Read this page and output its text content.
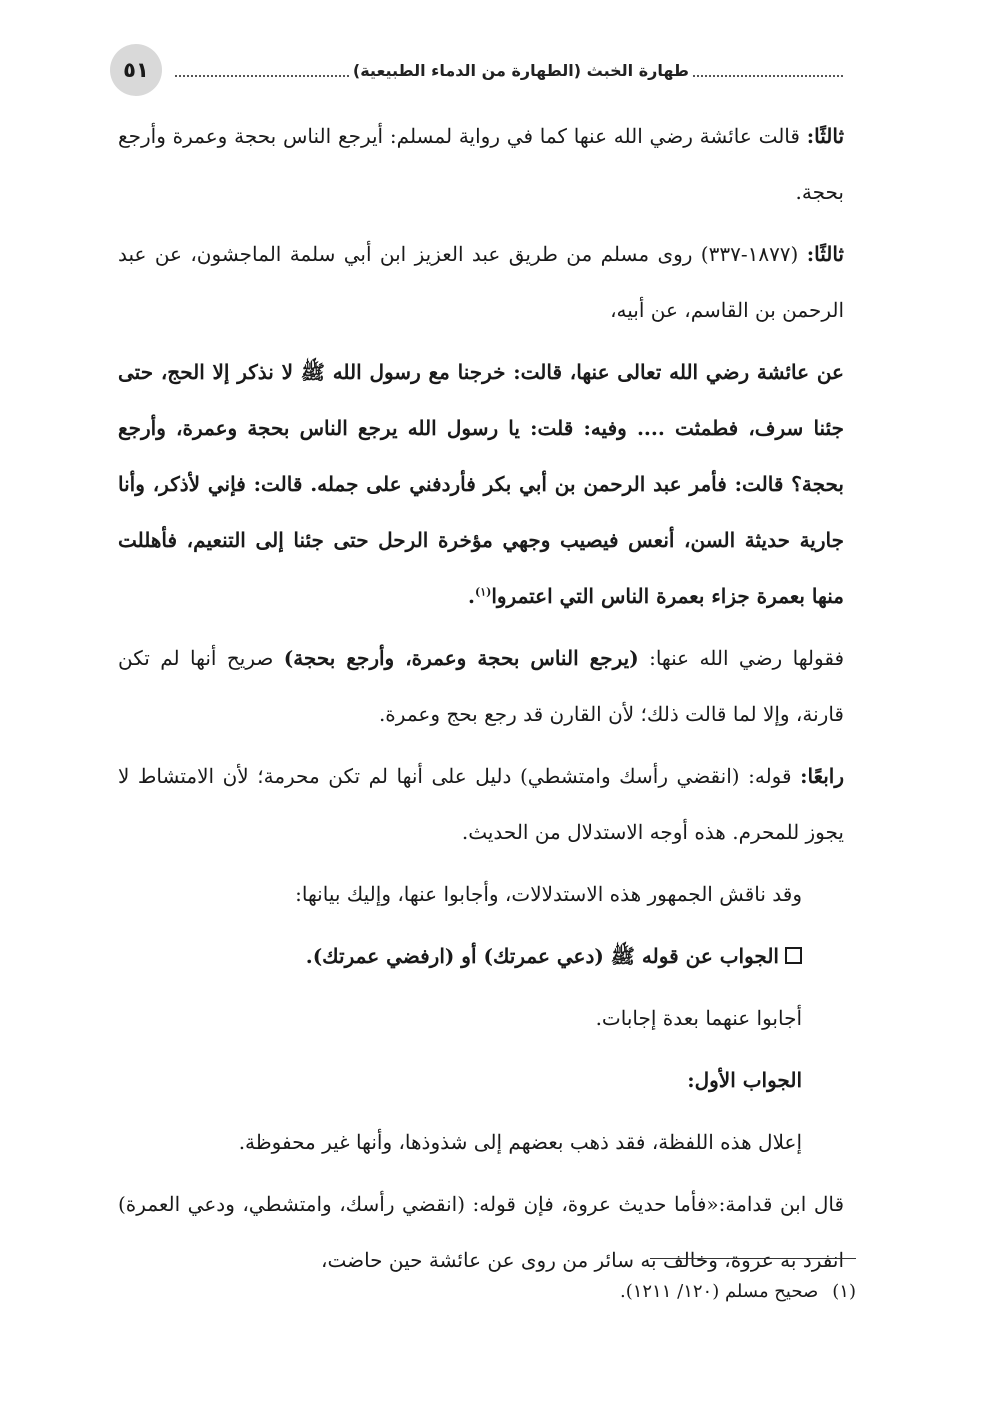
٥١	طهارة الخبث (الطهارة من الدماء الطبيعية)

ثالثًا: قالت عائشة رضي الله عنها كما في رواية لمسلم: أيرجع الناس بحجة وعمرة وأرجع بحجة.

ثالثًا: (١٨٧٧-٣٣٧) روى مسلم من طريق عبد العزيز ابن أبي سلمة الماجشون، عن عبد الرحمن بن القاسم، عن أبيه،

عن عائشة رضي الله تعالى عنها، قالت: خرجنا مع رسول الله ﷺ لا نذكر إلا الحج، حتى جئنا سرف، فطمثت .... وفيه: قلت: يا رسول الله يرجع الناس بحجة وعمرة، وأرجع بحجة؟ قالت: فأمر عبد الرحمن بن أبي بكر فأردفني على جمله. قالت: فإني لأذكر، وأنا جارية حديثة السن، أنعس فيصيب وجهي مؤخرة الرحل حتى جئنا إلى التنعيم، فأهللت منها بعمرة جزاء بعمرة الناس التي اعتمروا$^{(١)}$.

فقولها رضي الله عنها: (يرجع الناس بحجة وعمرة، وأرجع بحجة) صريح أنها لم تكن قارنة، وإلا لما قالت ذلك؛ لأن القارن قد رجع بحج وعمرة.

رابعًا: قوله: (انقضي رأسك وامتشطي) دليل على أنها لم تكن محرمة؛ لأن الامتشاط لا يجوز للمحرم. هذه أوجه الاستدلال من الحديث.

وقد ناقش الجمهور هذه الاستدلالات، وأجابوا عنها، وإليك بيانها:

الجواب عن قوله ﷺ (دعي عمرتك) أو (ارفضي عمرتك).

أجابوا عنهما بعدة إجابات.

الجواب الأول:

إعلال هذه اللفظة، فقد ذهب بعضهم إلى شذوذها، وأنها غير محفوظة.

قال ابن قدامة:«فأما حديث عروة، فإن قوله: (انقضي رأسك، وامتشطي، ودعي العمرة) انفرد به عروة، وخالف به سائر من روى عن عائشة حين حاضت،

(١)صحيح مسلم (١٢٠/ ١٢١١).
